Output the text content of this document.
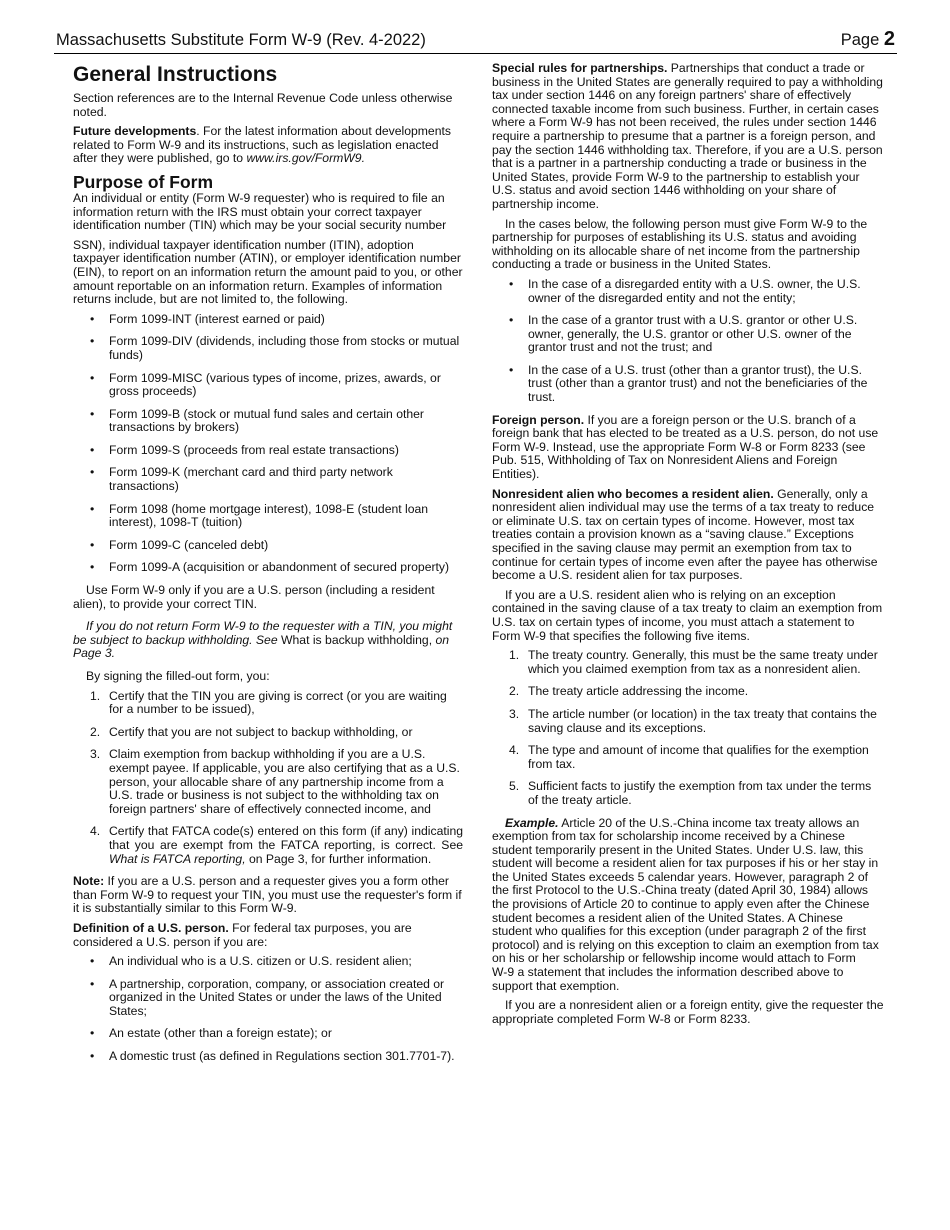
Massachusetts Substitute Form W-9 (Rev. 4-2022)	Page 2
General Instructions

Section references are to the Internal Revenue Code unless otherwise noted.

Future developments. For the latest information about developments related to Form W-9 and its instructions, such as legislation enacted after they were published, go to www.irs.gov/FormW9.

Purpose of Form

An individual or entity (Form W-9 requester) who is required to file an information return with the IRS must obtain your correct taxpayer identification number (TIN) which may be your social security number

SSN), individual taxpayer identification number (ITIN), adoption taxpayer identification number (ATIN), or employer identification number (EIN), to report on an information return the amount paid to you, or other amount reportable on an information return. Examples of information returns include, but are not limited to, the following.

• Form 1099-INT (interest earned or paid)
• Form 1099-DIV (dividends, including those from stocks or mutual funds)
• Form 1099-MISC (various types of income, prizes, awards, or gross proceeds)
• Form 1099-B (stock or mutual fund sales and certain other transactions by brokers)
• Form 1099-S (proceeds from real estate transactions)
• Form 1099-K (merchant card and third party network transactions)
• Form 1098 (home mortgage interest), 1098-E (student loan interest), 1098-T (tuition)
• Form 1099-C (canceled debt)
• Form 1099-A (acquisition or abandonment of secured property)

Use Form W-9 only if you are a U.S. person (including a resident alien), to provide your correct TIN.

If you do not return Form W-9 to the requester with a TIN, you might be subject to backup withholding. See What is backup withholding, on Page 3.

By signing the filled-out form, you:

1. Certify that the TIN you are giving is correct (or you are waiting for a number to be issued),
2. Certify that you are not subject to backup withholding, or
3. Claim exemption from backup withholding if you are a U.S. exempt payee. If applicable, you are also certifying that as a U.S. person, your allocable share of any partnership income from a U.S. trade or business is not subject to the withholding tax on foreign partners' share of effectively connected income, and
4. Certify that FATCA code(s) entered on this form (if any) indicating that you are exempt from the FATCA reporting, is correct. See What is FATCA reporting, on Page 3, for further information.

Note: If you are a U.S. person and a requester gives you a form other than Form W-9 to request your TIN, you must use the requester's form if it is substantially similar to this Form W-9.

Definition of a U.S. person. For federal tax purposes, you are considered a U.S. person if you are:

• An individual who is a U.S. citizen or U.S. resident alien;
• A partnership, corporation, company, or association created or organized in the United States or under the laws of the United States;
• An estate (other than a foreign estate); or
• A domestic trust (as defined in Regulations section 301.7701-7).

Special rules for partnerships. Partnerships that conduct a trade or business in the United States are generally required to pay a withholding tax under section 1446 on any foreign partners' share of effectively connected taxable income from such business. Further, in certain cases where a Form W-9 has not been received, the rules under section 1446 require a partnership to presume that a partner is a foreign person, and pay the section 1446 withholding tax. Therefore, if you are a U.S. person that is a partner in a partnership conducting a trade or business in the United States, provide Form W-9 to the partnership to establish your

U.S. status and avoid section 1446 withholding on your share of partnership income.

In the cases below, the following person must give Form W-9 to the partnership for purposes of establishing its U.S. status and avoiding withholding on its allocable share of net income from the partnership conducting a trade or business in the United States.

• In the case of a disregarded entity with a U.S. owner, the U.S. owner of the disregarded entity and not the entity;
• In the case of a grantor trust with a U.S. grantor or other U.S. owner, generally, the U.S. grantor or other U.S. owner of the grantor trust and not the trust; and
• In the case of a U.S. trust (other than a grantor trust), the U.S. trust (other than a grantor trust) and not the beneficiaries of the trust.

Foreign person. If you are a foreign person or the U.S. branch of a foreign bank that has elected to be treated as a U.S. person, do not use Form W-9. Instead, use the appropriate Form W-8 or Form 8233 (see Pub. 515, Withholding of Tax on Nonresident Aliens and Foreign Entities).

Nonresident alien who becomes a resident alien. Generally, only a nonresident alien individual may use the terms of a tax treaty to reduce or eliminate U.S. tax on certain types of income. However, most tax treaties contain a provision known as a “saving clause.” Exceptions specified in the saving clause may permit an exemption from tax to continue for certain types of income even after the payee has otherwise become a U.S. resident alien for tax purposes.

If you are a U.S. resident alien who is relying on an exception contained in the saving clause of a tax treaty to claim an exemption from U.S. tax on certain types of income, you must attach a statement to Form W-9 that specifies the following five items.

1. The treaty country. Generally, this must be the same treaty under which you claimed exemption from tax as a nonresident alien.
2. The treaty article addressing the income.
3. The article number (or location) in the tax treaty that contains the saving clause and its exceptions.
4. The type and amount of income that qualifies for the exemption from tax.
5. Sufficient facts to justify the exemption from tax under the terms of the treaty article.

Example. Article 20 of the U.S.-China income tax treaty allows an exemption from tax for scholarship income received by a Chinese student temporarily present in the United States. Under U.S. law, this student will become a resident alien for tax purposes if his or her stay in the United States exceeds 5 calendar years. However, paragraph 2 of the first Protocol to the U.S.-China treaty (dated April 30, 1984) allows the provisions of Article 20 to continue to apply even after the Chinese student becomes a resident alien of the United States. A Chinese student who qualifies for this exception (under paragraph 2 of the first protocol) and is relying on this exception to claim an exemption from tax on his or her scholarship or fellowship income would attach to Form

W-9 a statement that includes the information described above to support that exemption.

If you are a nonresident alien or a foreign entity, give the requester the appropriate completed Form W-8 or Form 8233.
